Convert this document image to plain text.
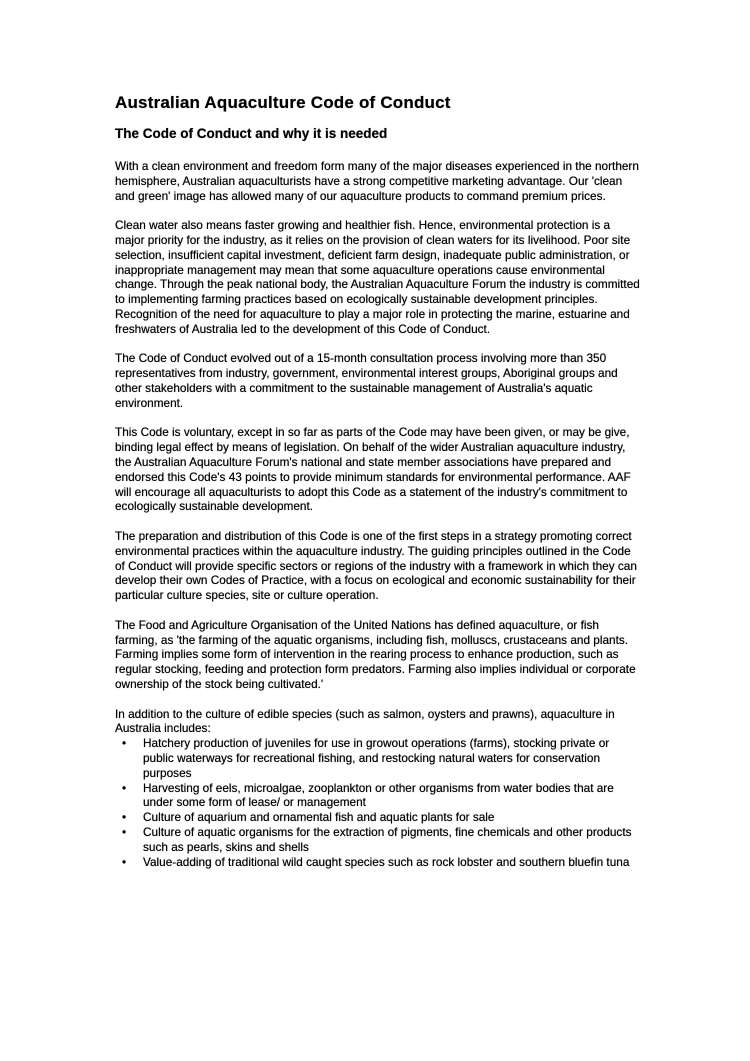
Australian Aquaculture Code of Conduct
The Code of Conduct and why it is needed

With a clean environment and freedom form many of the major diseases experienced in the northern hemisphere, Australian aquaculturists have a strong competitive marketing advantage. Our 'clean and green' image has allowed many of our aquaculture products to command premium prices.

Clean water also means faster growing and healthier fish. Hence, environmental protection is a major priority for the industry, as it relies on the provision of clean waters for its livelihood. Poor site selection, insufficient capital investment, deficient farm design, inadequate public administration, or inappropriate management may mean that some aquaculture operations cause environmental change. Through the peak national body, the Australian Aquaculture Forum the industry is committed to implementing farming practices based on ecologically sustainable development principles. Recognition of the need for aquaculture to play a major role in protecting the marine, estuarine and freshwaters of Australia led to the development of this Code of Conduct.

The Code of Conduct evolved out of a 15-month consultation process involving more than 350 representatives from industry, government, environmental interest groups, Aboriginal groups and other stakeholders with a commitment to the sustainable management of Australia's aquatic environment.

This Code is voluntary, except in so far as parts of the Code may have been given, or may be give, binding legal effect by means of legislation. On behalf of the wider Australian aquaculture industry, the Australian Aquaculture Forum's national and state member associations have prepared and endorsed this Code's 43 points to provide minimum standards for environmental performance. AAF will encourage all aquaculturists to adopt this Code as a statement of the industry's commitment to ecologically sustainable development.

The preparation and distribution of this Code is one of the first steps in a strategy promoting correct environmental practices within the aquaculture industry. The guiding principles outlined in the Code of Conduct will provide specific sectors or regions of the industry with a framework in which they can develop their own Codes of Practice, with a focus on ecological and economic sustainability for their particular culture species, site or culture operation.

The Food and Agriculture Organisation of the United Nations has defined aquaculture, or fish farming, as 'the farming of the aquatic organisms, including fish, molluscs, crustaceans and plants. Farming implies some form of intervention in the rearing process to enhance production, such as regular stocking, feeding and protection form predators. Farming also implies individual or corporate ownership of the stock being cultivated.'

In addition to the culture of edible species (such as salmon, oysters and prawns), aquaculture in Australia includes:

• Hatchery production of juveniles for use in growout operations (farms), stocking private or public waterways for recreational fishing, and restocking natural waters for conservation purposes
• Harvesting of eels, microalgae, zooplankton or other organisms from water bodies that are under some form of lease/ or management
• Culture of aquarium and ornamental fish and aquatic plants for sale
• Culture of aquatic organisms for the extraction of pigments, fine chemicals and other products such as pearls, skins and shells
• Value-adding of traditional wild caught species such as rock lobster and southern bluefin tuna
